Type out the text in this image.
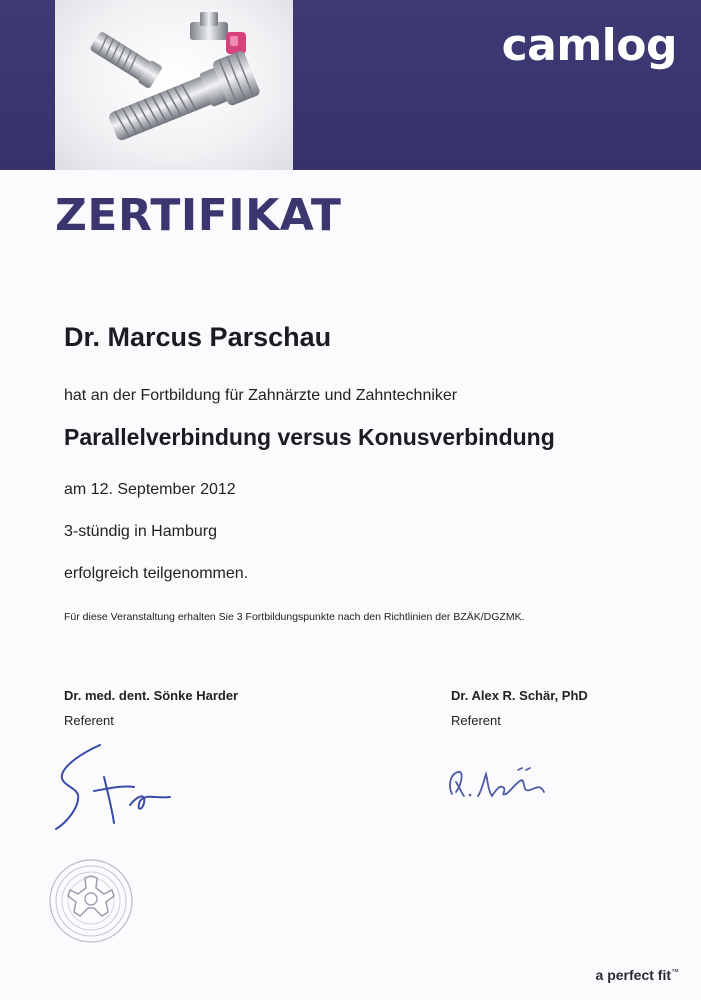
camlog
ZERTIFIKAT
Dr. Marcus Parschau
hat an der Fortbildung für Zahnärzte und Zahntechniker
Parallelverbindung versus Konusverbindung
am 12. September 2012
3-stündig in Hamburg
erfolgreich teilgenommen.
Für diese Veranstaltung erhalten Sie 3 Fortbildungspunkte nach den Richtlinien der BZÄK/DGZMK.
Dr. med. dent. Sönke Harder
Referent
Dr. Alex R. Schär, PhD
Referent
a perfect fit™
